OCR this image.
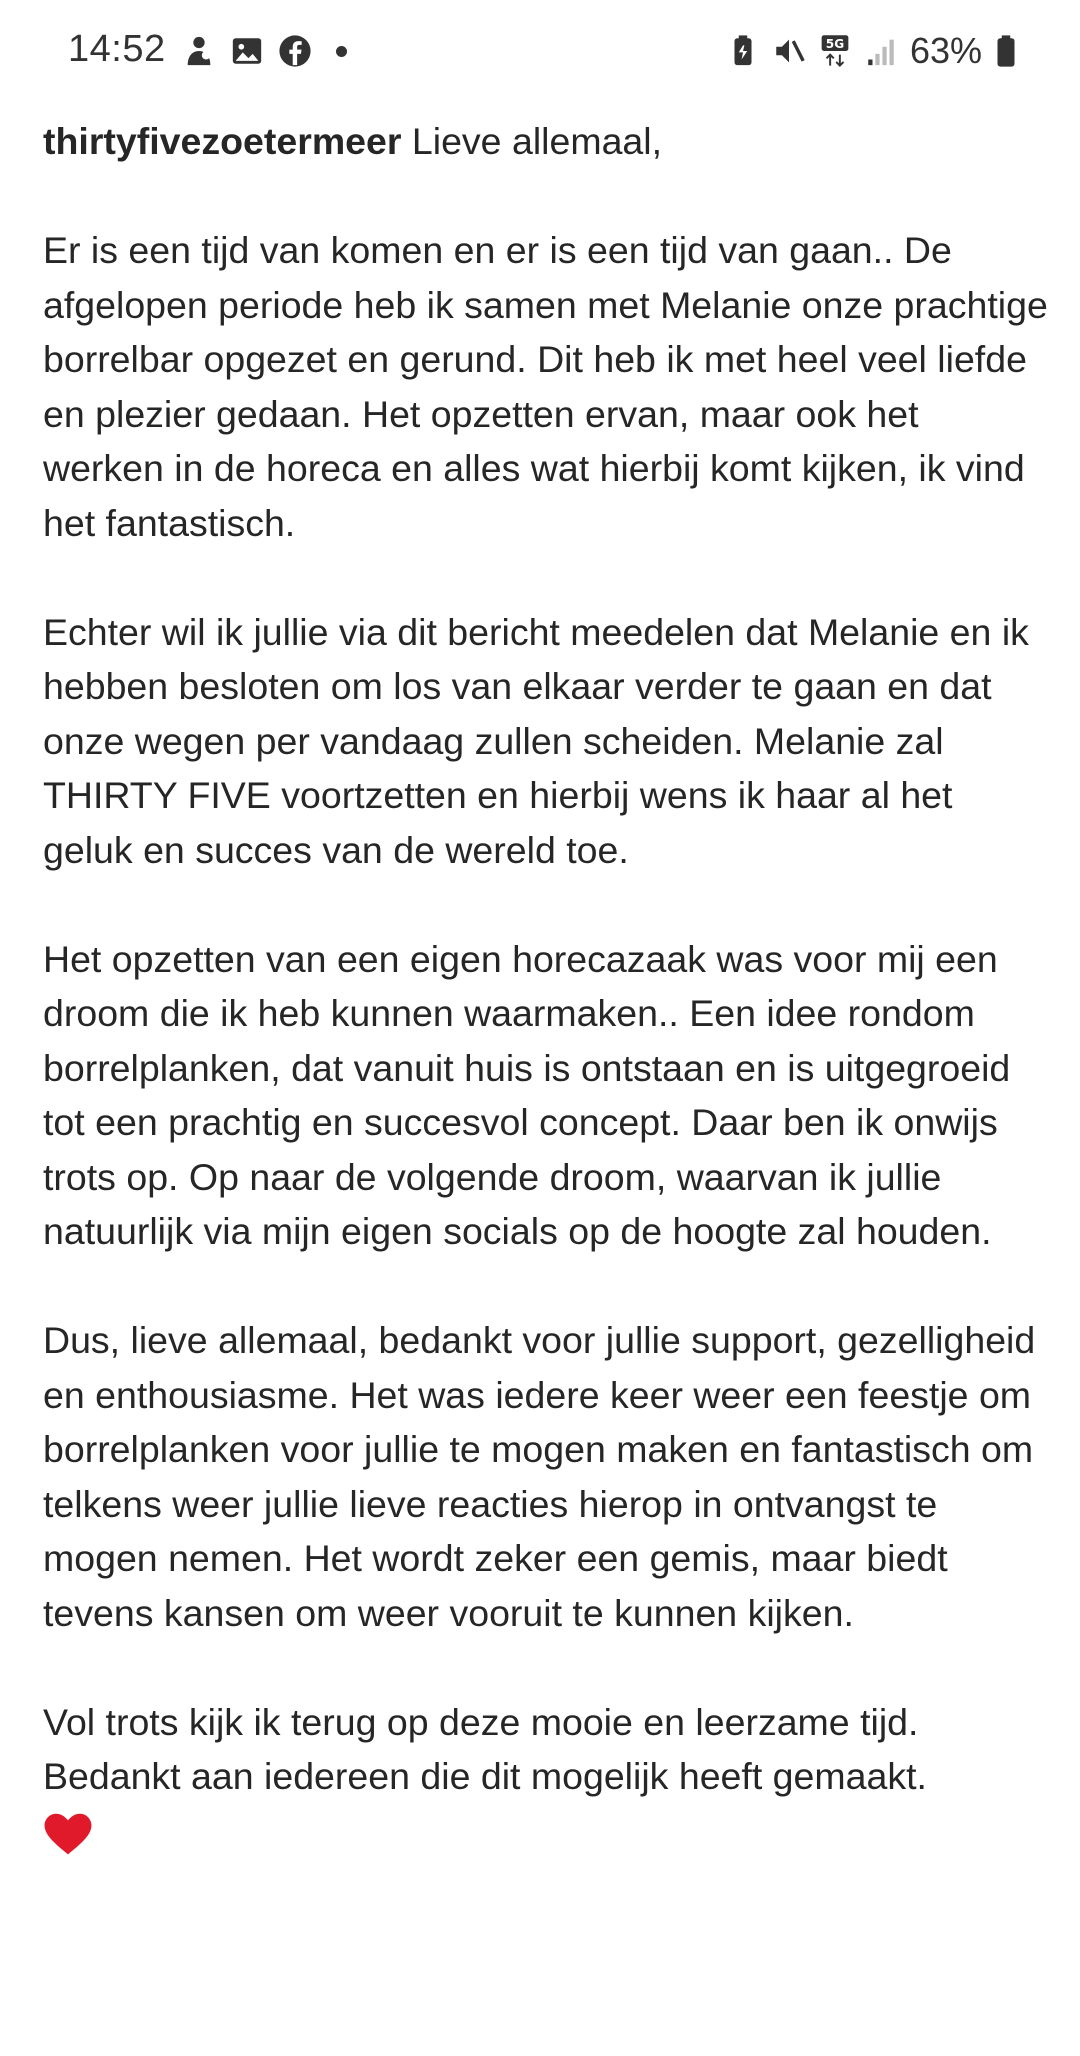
14:52	5G 63%

thirtyfivezoetermeer Lieve allemaal,

Er is een tijd van komen en er is een tijd van gaan.. De afgelopen periode heb ik samen met Melanie onze prachtige borrelbar opgezet en gerund. Dit heb ik met heel veel liefde en plezier gedaan. Het opzetten ervan, maar ook het werken in de horeca en alles wat hierbij komt kijken, ik vind het fantastisch.

Echter wil ik jullie via dit bericht meedelen dat Melanie en ik hebben besloten om los van elkaar verder te gaan en dat onze wegen per vandaag zullen scheiden. Melanie zal THIRTY FIVE voortzetten en hierbij wens ik haar al het geluk en succes van de wereld toe.

Het opzetten van een eigen horecazaak was voor mij een droom die ik heb kunnen waarmaken.. Een idee rondom borrelplanken, dat vanuit huis is ontstaan en is uitgegroeid tot een prachtig en succesvol concept. Daar ben ik onwijs trots op. Op naar de volgende droom, waarvan ik jullie natuurlijk via mijn eigen socials op de hoogte zal houden.

Dus, lieve allemaal, bedankt voor jullie support, gezelligheid en enthousiasme. Het was iedere keer weer een feestje om borrelplanken voor jullie te mogen maken en fantastisch om telkens weer jullie lieve reacties hierop in ontvangst te mogen nemen. Het wordt zeker een gemis, maar biedt tevens kansen om weer vooruit te kunnen kijken.

Vol trots kijk ik terug op deze mooie en leerzame tijd. Bedankt aan iedereen die dit mogelijk heeft gemaakt.
